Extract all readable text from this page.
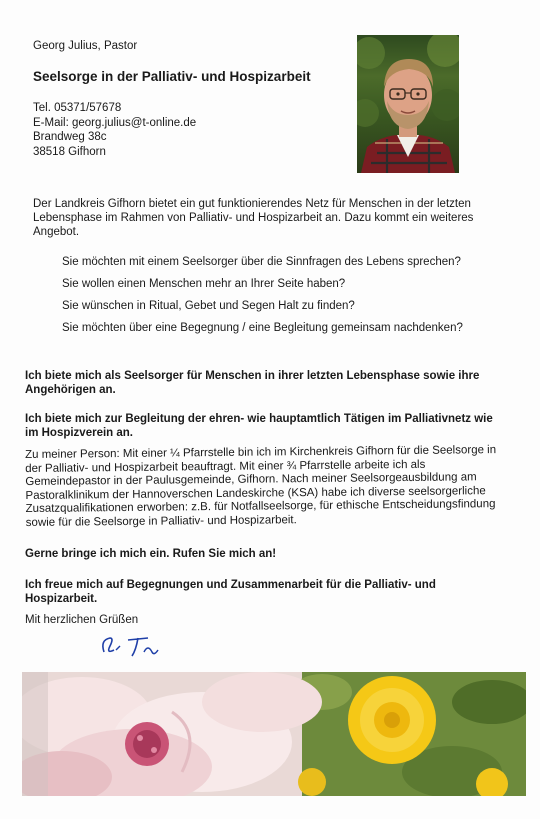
Georg Julius, Pastor
Seelsorge in der Palliativ- und Hospizarbeit
Tel. 05371/57678
E-Mail: georg.julius@t-online.de
Brandweg 38c
38518 Gifhorn
Der Landkreis Gifhorn bietet ein gut funktionierendes Netz für Menschen in der letzten Lebensphase im Rahmen von Palliativ- und Hospizarbeit an. Dazu kommt ein weiteres Angebot.
Sie möchten mit einem Seelsorger über die Sinnfragen des Lebens sprechen?
Sie wollen einen Menschen mehr an Ihrer Seite haben?
Sie wünschen in Ritual, Gebet und Segen Halt zu finden?
Sie möchten über eine Begegnung / eine Begleitung gemeinsam nachdenken?
Ich biete mich als Seelsorger für Menschen in ihrer letzten Lebensphase sowie ihre Angehörigen an.
Ich biete mich zur Begleitung der ehren- wie hauptamtlich Tätigen im Palliativnetz wie im Hospizverein an.
Zu meiner Person: Mit einer ¼ Pfarrstelle bin ich im Kirchenkreis Gifhorn für die Seelsorge in der Palliativ- und Hospizarbeit beauftragt. Mit einer ¾ Pfarrstelle arbeite ich als Gemeindepastor in der Paulusgemeinde, Gifhorn. Nach meiner Seelsorgeausbildung am Pastoralklinikum der Hannoverschen Landeskirche (KSA) habe ich diverse seelsorgerliche Zusatzqualifikationen erworben: z.B. für Notfallseelsorge, für ethische Entscheidungsfindung sowie für die Seelsorge in Palliativ- und Hospizarbeit.
Gerne bringe ich mich ein. Rufen Sie mich an!
Ich freue mich auf Begegnungen und Zusammenarbeit für die Palliativ- und Hospizarbeit.
Mit herzlichen Grüßen
